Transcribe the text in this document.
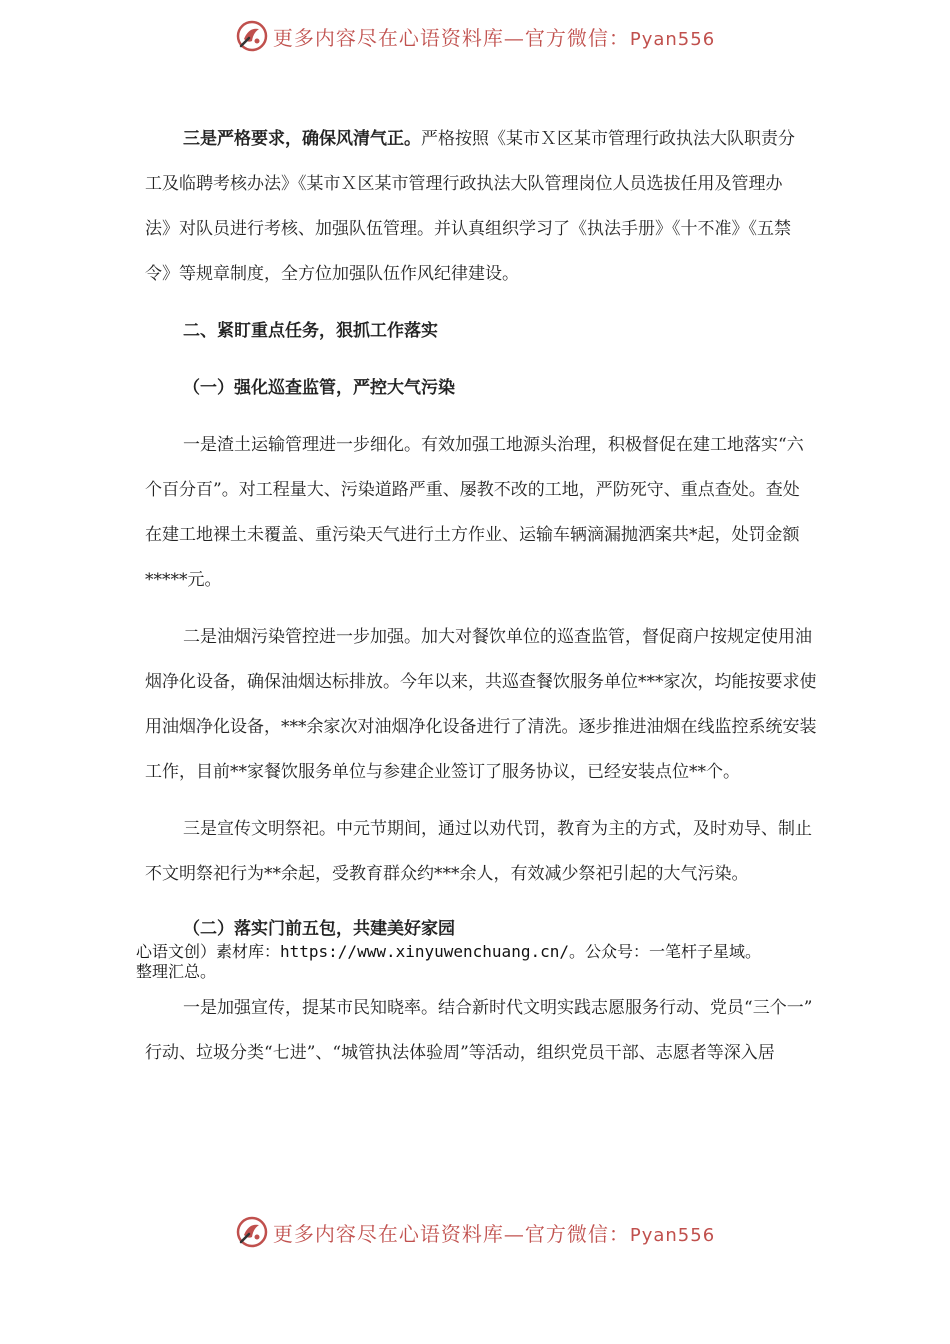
更多内容尽在心语资料库—官方微信：Pyan556
三是严格要求，确保风清气正。严格按照《某市Ｘ区某市管理行政执法大队职责分
工及临聘考核办法》《某市Ｘ区某市管理行政执法大队管理岗位人员选拔任用及管理办
法》对队员进行考核、加强队伍管理。并认真组织学习了《执法手册》《十不准》《五禁
令》等规章制度，全方位加强队伍作风纪律建设。
二、紧盯重点任务，狠抓工作落实
（一）强化巡查监管，严控大气污染
一是渣土运输管理进一步细化。有效加强工地源头治理，积极督促在建工地落实“六
个百分百”。对工程量大、污染道路严重、屡教不改的工地，严防死守、重点查处。查处
在建工地裸土未覆盖、重污染天气进行土方作业、运输车辆滴漏抛洒案共*起，处罚金额
*****元。
二是油烟污染管控进一步加强。加大对餐饮单位的巡查监管，督促商户按规定使用油
烟净化设备，确保油烟达标排放。今年以来，共巡查餐饮服务单位***家次，均能按要求使
用油烟净化设备，***余家次对油烟净化设备进行了清洗。逐步推进油烟在线监控系统安装
工作，目前**家餐饮服务单位与参建企业签订了服务协议，已经安装点位**个。
三是宣传文明祭祀。中元节期间，通过以劝代罚，教育为主的方式，及时劝导、制止
不文明祭祀行为**余起，受教育群众约***余人，有效减少祭祀引起的大气污染。
（二）落实门前五包，共建美好家园
心语文创）素材库：https://www.xinyuwenchuang.cn/。公众号：一笔杆子星域。
整理汇总。
一是加强宣传，提某市民知晓率。结合新时代文明实践志愿服务行动、党员“三个一”
行动、垃圾分类“七进”、“城管执法体验周”等活动，组织党员干部、志愿者等深入居
更多内容尽在心语资料库—官方微信：Pyan556
